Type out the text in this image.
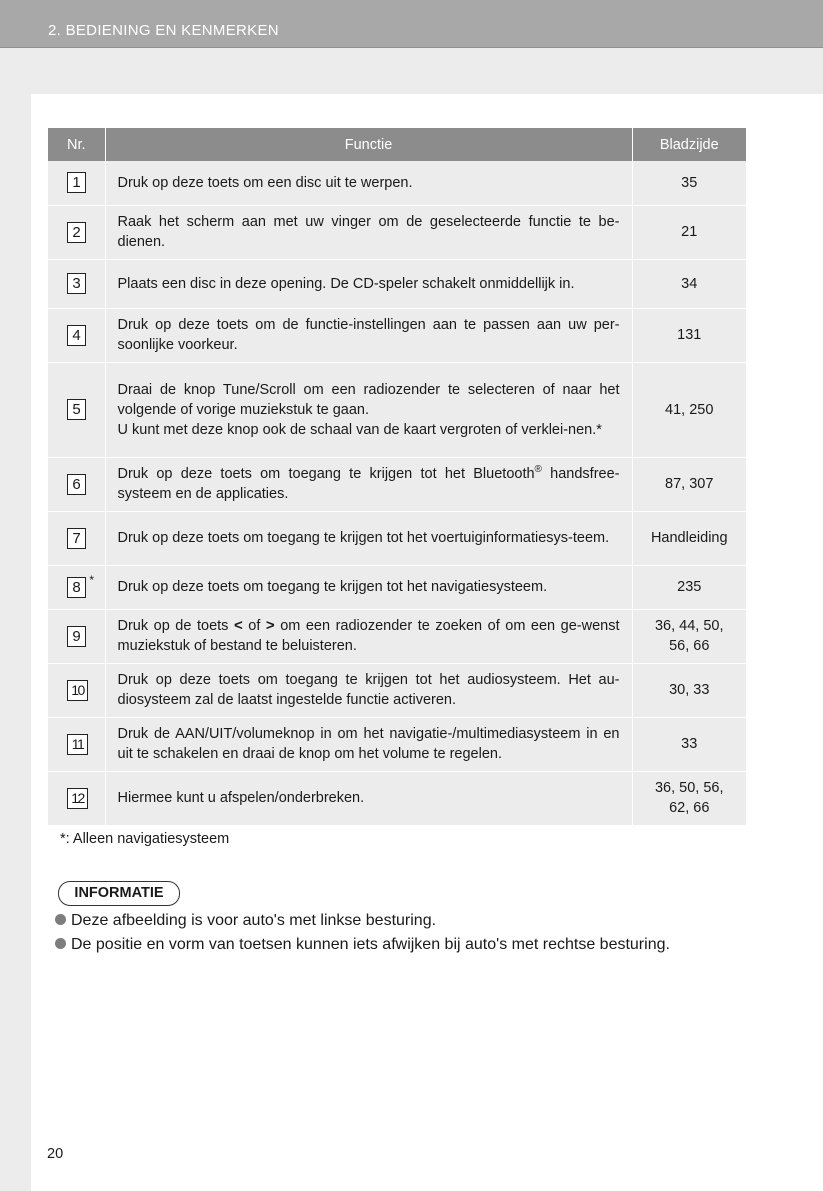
2. BEDIENING EN KENMERKEN
Nr.	Functie	Bladzijde
1	Druk op deze toets om een disc uit te werpen.	35
2	Raak het scherm aan met uw vinger om de geselecteerde functie te be-dienen.	21
3	Plaats een disc in deze opening. De CD-speler schakelt onmiddellijk in.	34
4	Druk op deze toets om de functie-instellingen aan te passen aan uw per-soonlijke voorkeur.	131
5	Draai de knop Tune/Scroll om een radiozender te selecteren of naar het volgende of vorige muziekstuk te gaan.
U kunt met deze knop ook de schaal van de kaart vergroten of verklei-nen.*	41, 250
6	Druk op deze toets om toegang te krijgen tot het Bluetooth® handsfree-systeem en de applicaties.	87, 307
7	Druk op deze toets om toegang te krijgen tot het voertuiginformatiesys-teem.	Handleiding
8 *	Druk op deze toets om toegang te krijgen tot het navigatiesysteem.	235
9	Druk op de toets < of > om een radiozender te zoeken of om een ge-wenst muziekstuk of bestand te beluisteren.	36, 44, 50,
56, 66

10	Druk op deze toets om toegang te krijgen tot het audiosysteem. Het au-diosysteem zal de laatst ingestelde functie activeren.	30, 33
11	Druk de AAN/UIT/volumeknop in om het navigatie-/multimediasysteem in en uit te schakelen en draai de knop om het volume te regelen.	33
12	Hiermee kunt u afspelen/onderbreken.	36, 50, 56,
62, 66
*: Alleen navigatiesysteem
INFORMATIE
Deze afbeelding is voor auto's met linkse besturing.
De positie en vorm van toetsen kunnen iets afwijken bij auto's met rechtse besturing.
20
